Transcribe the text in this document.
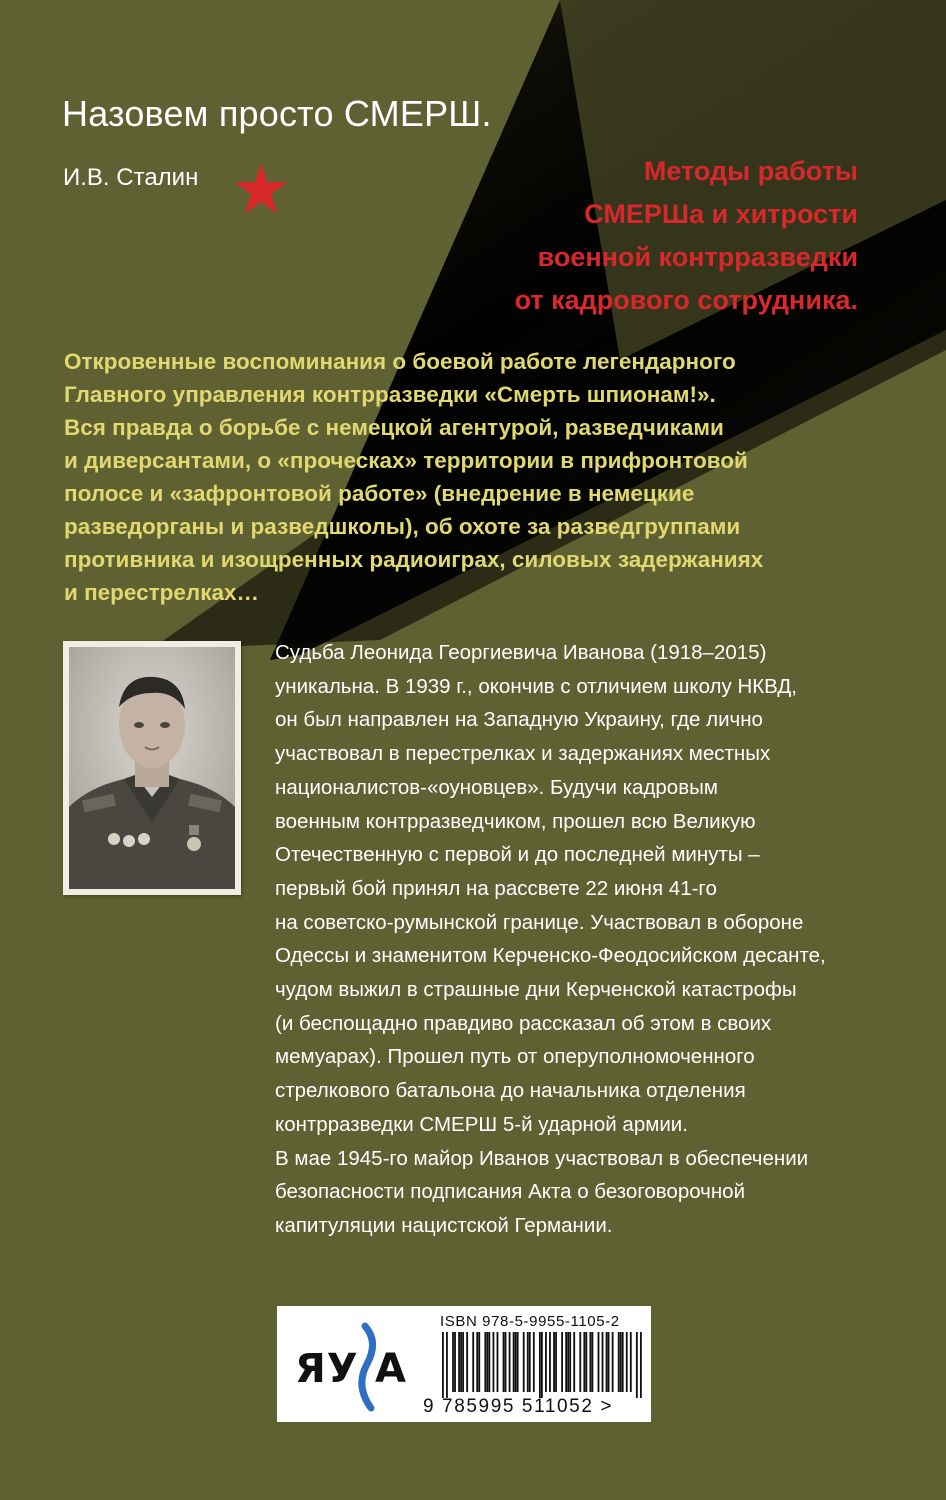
Назовем просто СМЕРШ.
И.В. Сталин	Методы работы
СМЕРШа и хитрости
военной контрразведки
от кадрового сотрудника.
Откровенные воспоминания о боевой работе легендарного
Главного управления контрразведки «Смерть шпионам!».
Вся правда о борьбе с немецкой агентурой, разведчиками
и диверсантами, о «проческах» территории в прифронтовой
полосе и «зафронтовой работе» (внедрение в немецкие
разведорганы и разведшколы), об охоте за разведгруппами
противника и изощренных радиоиграх, силовых задержаниях
и перестрелках…
Судьба Леонида Георгиевича Иванова (1918–2015)
уникальна. В 1939 г., окончив с отличием школу НКВД,
он был направлен на Западную Украину, где лично
участвовал в перестрелках и задержаниях местных
националистов-«оуновцев». Будучи кадровым
военным контрразведчиком, прошел всю Великую
Отечественную с первой и до последней минуты –
первый бой принял на рассвете 22 июня 41-го
на советско-румынской границе. Участвовал в обороне
Одессы и знаменитом Керченско-Феодосийском десанте,
чудом выжил в страшные дни Керченской катастрофы
(и беспощадно правдиво рассказал об этом в своих
мемуарах). Прошел путь от оперуполномоченного
стрелкового батальона до начальника отделения
контрразведки СМЕРШ 5-й ударной армии.
В мае 1945-го майор Иванов участвовал в обеспечении
безопасности подписания Акта о безоговорочной
капитуляции нацистской Германии.
ЯУ А
ISBN 978-5-9955-1105-2
9 785995 511052 >
